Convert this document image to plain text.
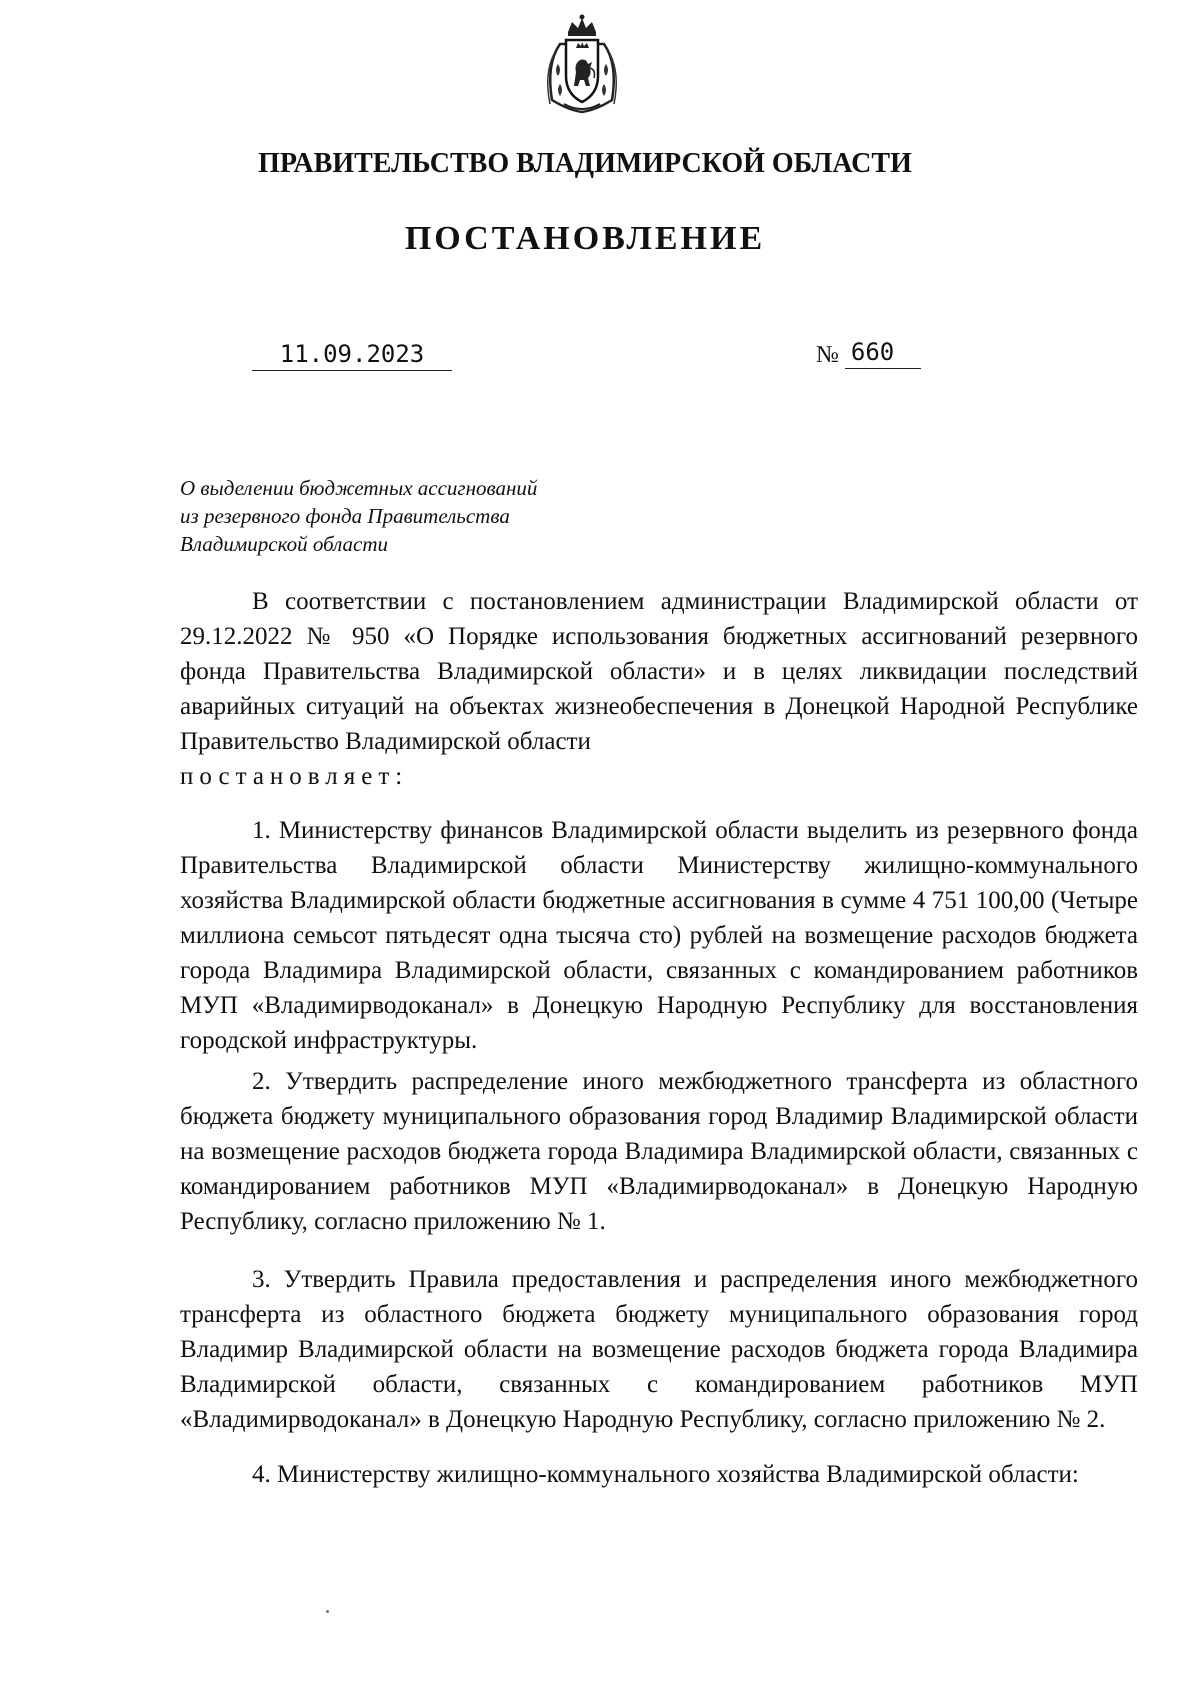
ПРАВИТЕЛЬСТВО ВЛАДИМИРСКОЙ ОБЛАСТИ
ПОСТАНОВЛЕНИЕ
11.09.2023	№ 660
О выделении бюджетных ассигнований
из резервного фонда Правительства
Владимирской области

В соответствии с постановлением администрации Владимирской области от 29.12.2022 № 950 «О Порядке использования бюджетных ассигнований резервного фонда Правительства Владимирской области» и в целях ликвидации последствий аварийных ситуаций на объектах жизнеобеспечения в Донецкой Народной Республике Правительство Владимирской области
постановляет:

1. Министерству финансов Владимирской области выделить из резервного фонда Правительства Владимирской области Министерству жилищно-коммунального хозяйства Владимирской области бюджетные ассигнования в сумме 4 751 100,00 (Четыре миллиона семьсот пятьдесят одна тысяча сто) рублей на возмещение расходов бюджета города Владимира Владимирской области, связанных с командированием работников МУП «Владимирводоканал» в Донецкую Народную Республику для восстановления городской инфраструктуры.

2. Утвердить распределение иного межбюджетного трансферта из областного бюджета бюджету муниципального образования город Владимир Владимирской области на возмещение расходов бюджета города Владимира Владимирской области, связанных с командированием работников МУП «Владимирводоканал» в Донецкую Народную Республику, согласно приложению № 1.

3. Утвердить Правила предоставления и распределения иного межбюджетного трансферта из областного бюджета бюджету муниципального образования город Владимир Владимирской области на возмещение расходов бюджета города Владимира Владимирской области, связанных с командированием работников МУП «Владимирводоканал» в Донецкую Народную Республику, согласно приложению № 2.

4. Министерству жилищно-коммунального хозяйства Владимирской области:
